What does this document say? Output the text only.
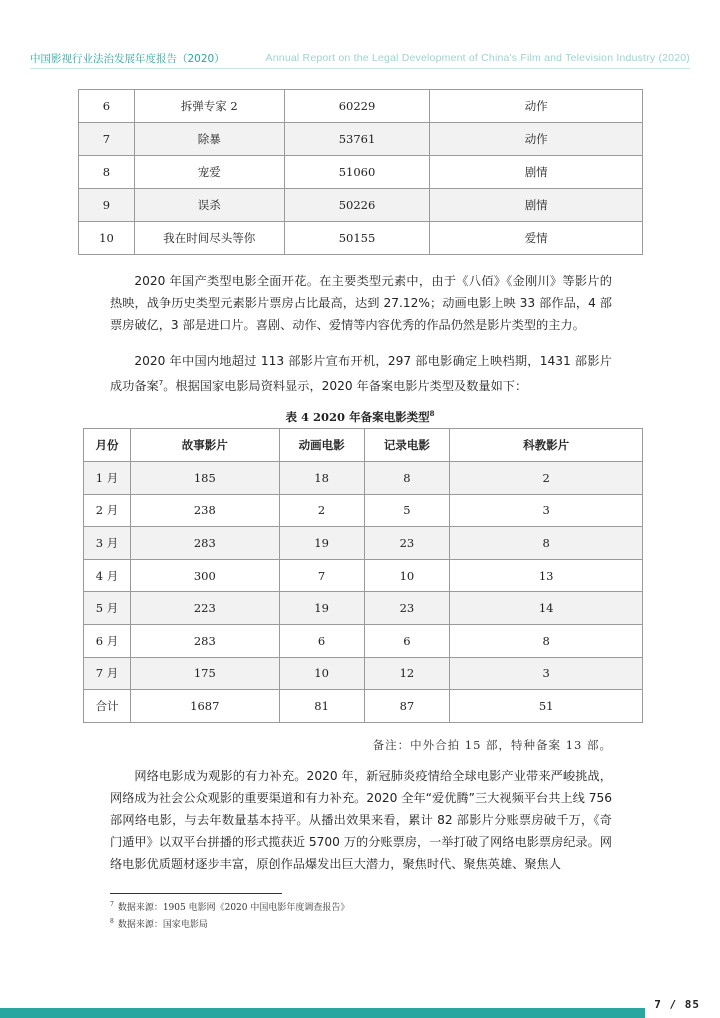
中国影视行业法治发展年度报告（2020）	Annual Report on the Legal Development of China's Film and Television Industry (2020)
6	拆弹专家 2	60229	动作
7	除暴	53761	动作
8	宠爱	51060	剧情
9	误杀	50226	剧情
10	我在时间尽头等你	50155	爱情

2020 年国产类型电影全面开花。在主要类型元素中，由于《八佰》《金刚川》等影片的热映，战争历史类型元素影片票房占比最高，达到 27.12%；动画电影上映 33 部作品，4 部票房破亿，3 部是进口片。喜剧、动作、爱情等内容优秀的作品仍然是影片类型的主力。

2020 年中国内地超过 113 部影片宣布开机，297 部电影确定上映档期，1431 部影片成功备案$^7$。根据国家电影局资料显示，2020 年备案电影片类型及数量如下：

表 4 2020 年备案电影类型$^8$
月份	故事影片	动画电影	记录电影	科教影片
1 月	185	18	8	2
2 月	238	2	5	3
3 月	283	19	23	8
4 月	300	7	10	13
5 月	223	19	23	14
6 月	283	6	6	8
7 月	175	10	12	3
合计	1687	81	87	51
备注：中外合拍 15 部，特种备案 13 部。

网络电影成为观影的有力补充。2020 年，新冠肺炎疫情给全球电影产业带来严峻挑战，网络成为社会公众观影的重要渠道和有力补充。2020 全年“爱优腾”三大视频平台共上线 756 部网络电影，与去年数量基本持平。从播出效果来看，累计 82 部影片分账票房破千万，《奇门遁甲》以双平台拼播的形式揽获近 5700 万的分账票房，一举打破了网络电影票房纪录。网络电影优质题材逐步丰富，原创作品爆发出巨大潜力，聚焦时代、聚焦英雄、聚焦人

$^7$ 数据来源：1905 电影网《2020 中国电影年度调查报告》
$^8$ 数据来源：国家电影局
7 / 85
